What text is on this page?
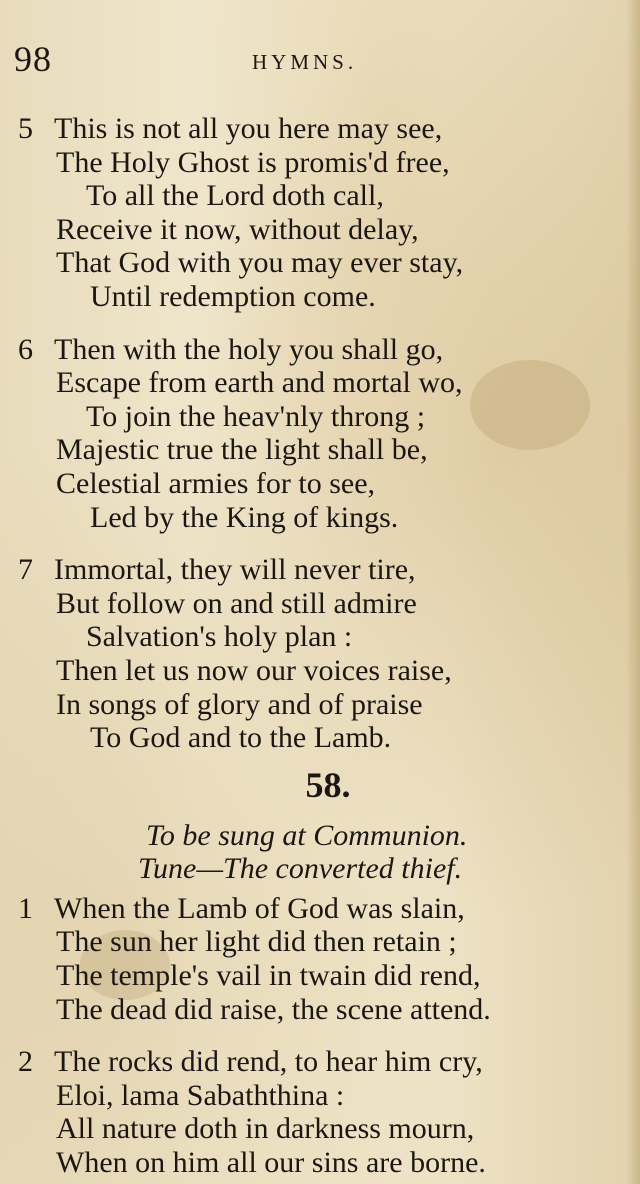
98	HYMNS.
5 This is not all you here may see,
The Holy Ghost is promis'd free,
To all the Lord doth call,
Receive it now, without delay,
That God with you may ever stay,
Until redemption come.
6 Then with the holy you shall go,
Escape from earth and mortal wo,
To join the heav'nly throng ;
Majestic true the light shall be,
Celestial armies for to see,
Led by the King of kings.
7 Immortal, they will never tire,
But follow on and still admire
Salvation's holy plan :
Then let us now our voices raise,
In songs of glory and of praise
To God and to the Lamb.
58.
To be sung at Communion.
Tune—The converted thief.
1 When the Lamb of God was slain,
The sun her light did then retain ;
The temple's vail in twain did rend,
The dead did raise, the scene attend.
2 The rocks did rend, to hear him cry,
Eloi, lama Sabaththina :
All nature doth in darkness mourn,
When on him all our sins are borne.
